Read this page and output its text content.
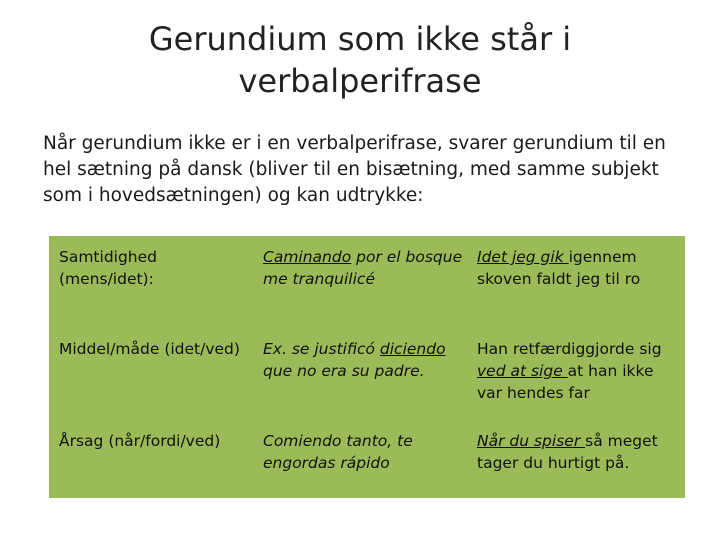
Gerundium som ikke står i
verbalperifrase
Når gerundium ikke er i en verbalperifrase, svarer gerundium til en hel sætning på dansk (bliver til en bisætning, med samme subjekt som i hovedsætningen) og kan udtrykke:
Samtidighed (mens/idet):
Caminando por el bosque me tranquilicé
Idet jeg gik igennem skoven faldt jeg til ro
Middel/måde (idet/ved)	Ex. se justificó diciendo que no era su padre.
Han retfærdiggjorde sig ved at sige at han ikke var hendes far
Årsag (når/fordi/ved)	Comiendo tanto, te engordas rápido
Når du spiser så meget tager du hurtigt på.
